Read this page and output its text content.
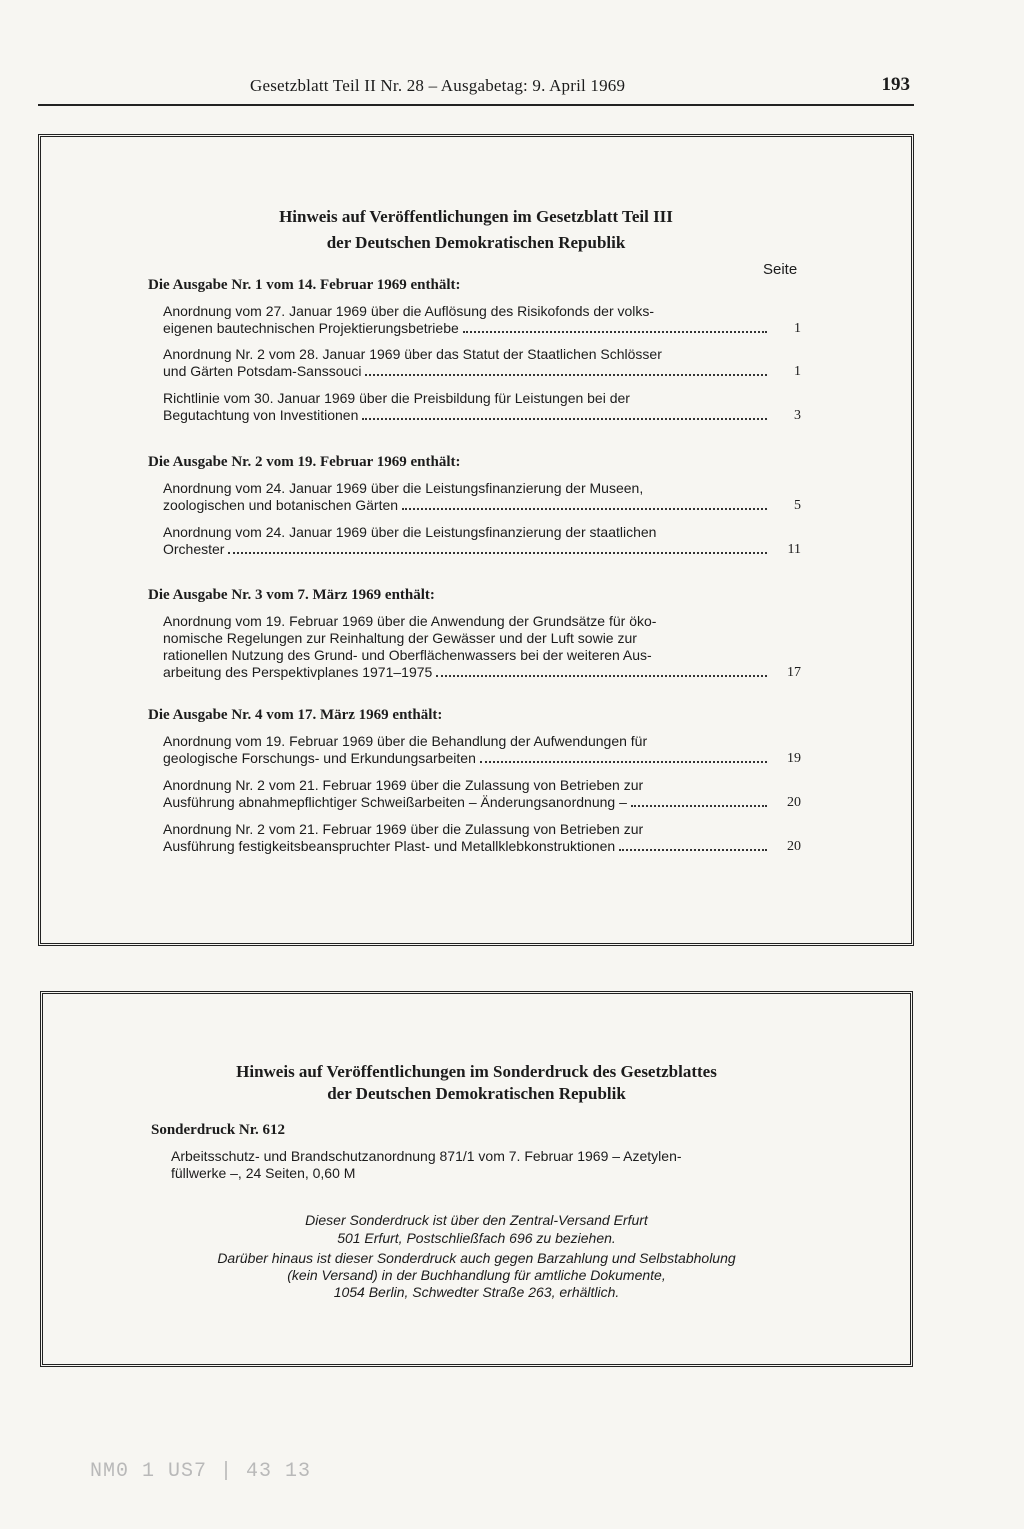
Gesetzblatt Teil II Nr. 28 – Ausgabetag: 9. April 1969	193
Hinweis auf Veröffentlichungen im Gesetzblatt Teil III
der Deutschen Demokratischen Republik
Seite
Die Ausgabe Nr. 1 vom 14. Februar 1969 enthält:
Anordnung vom 27. Januar 1969 über die Auflösung des Risikofonds der volks-
eigenen bautechnischen Projektierungsbetriebe	1
Anordnung Nr. 2 vom 28. Januar 1969 über das Statut der Staatlichen Schlösser
und Gärten Potsdam-Sanssouci	1
Richtlinie vom 30. Januar 1969 über die Preisbildung für Leistungen bei der
Begutachtung von Investitionen	3
Die Ausgabe Nr. 2 vom 19. Februar 1969 enthält:
Anordnung vom 24. Januar 1969 über die Leistungsfinanzierung der Museen,
zoologischen und botanischen Gärten	5
Anordnung vom 24. Januar 1969 über die Leistungsfinanzierung der staatlichen
Orchester	11
Die Ausgabe Nr. 3 vom 7. März 1969 enthält:
Anordnung vom 19. Februar 1969 über die Anwendung der Grundsätze für öko-
nomische Regelungen zur Reinhaltung der Gewässer und der Luft sowie zur
rationellen Nutzung des Grund- und Oberflächenwassers bei der weiteren Aus-
arbeitung des Perspektivplanes 1971–1975	17
Die Ausgabe Nr. 4 vom 17. März 1969 enthält:
Anordnung vom 19. Februar 1969 über die Behandlung der Aufwendungen für
geologische Forschungs- und Erkundungsarbeiten	19
Anordnung Nr. 2 vom 21. Februar 1969 über die Zulassung von Betrieben zur
Ausführung abnahmepflichtiger Schweißarbeiten – Änderungsanordnung –	20
Anordnung Nr. 2 vom 21. Februar 1969 über die Zulassung von Betrieben zur
Ausführung festigkeitsbeanspruchter Plast- und Metallklebkonstruktionen	20
Hinweis auf Veröffentlichungen im Sonderdruck des Gesetzblattes
der Deutschen Demokratischen Republik
Sonderdruck Nr. 612
Arbeitsschutz- und Brandschutzanordnung 871/1 vom 7. Februar 1969 – Azetylen-
füllwerke –, 24 Seiten, 0,60 M
Dieser Sonderdruck ist über den Zentral-Versand Erfurt
501 Erfurt, Postschließfach 696 zu beziehen.
Darüber hinaus ist dieser Sonderdruck auch gegen Barzahlung und Selbstabholung
(kein Versand) in der Buchhandlung für amtliche Dokumente,
1054 Berlin, Schwedter Straße 263, erhältlich.
NM0 1 US7 | 43 13
